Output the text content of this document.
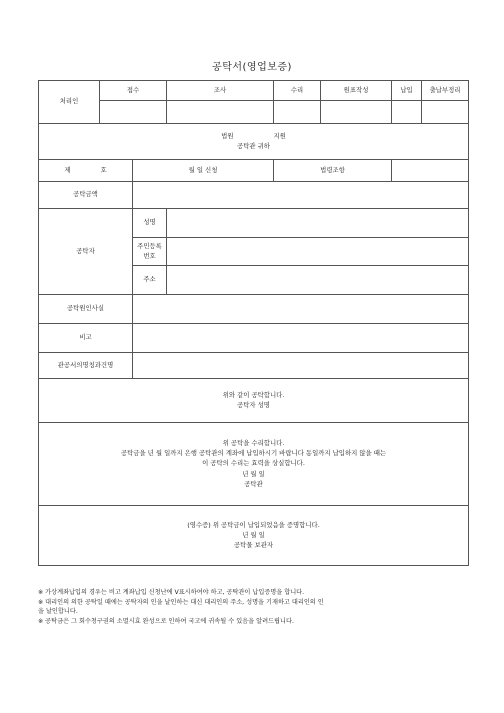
공탁서(영업보증)
처리인	접수		조사	수리	원표작성	납입	출납부정리

법원 지원
공탁관 귀하							

제 호		월 일 신청		법령조항			
공탁금액							
공탁자		성명					
		주민등록번호					
		주소					
공탁원인사실							
비고							
관공서의명칭과건명							

위와 같이 공탁합니다.
공탁자 성명							

위 공탁을 수리합니다.
공탁금을 년 월 일까지 은행 공탁관의 계좌에 납입하시기 바랍니다 동일까지 납입하지 않을 때는
이 공탁의 수리는 효력을 상실합니다.
년 월 일
공탁관							

(영수증) 위 공탁금이 납입되었음을 증명합니다.
년 월 일
공탁물 보관자							
※ 가상계좌납입의 경우는 비고 계좌납입 신청난에 V표시하여야 하고, 공탁관이 납입증명을 합니다.
※ 대리인의 의한 공탁일 때에는 공탁자의 인을 날인하는 대신 대리인의 주소, 성명을 기재하고 대리인의 인
을 날인합니다.
※ 공탁금은 그 회수청구권의 소멸시효 완성으로 인하여 국고에 귀속될 수 있음을 알려드립니다.
